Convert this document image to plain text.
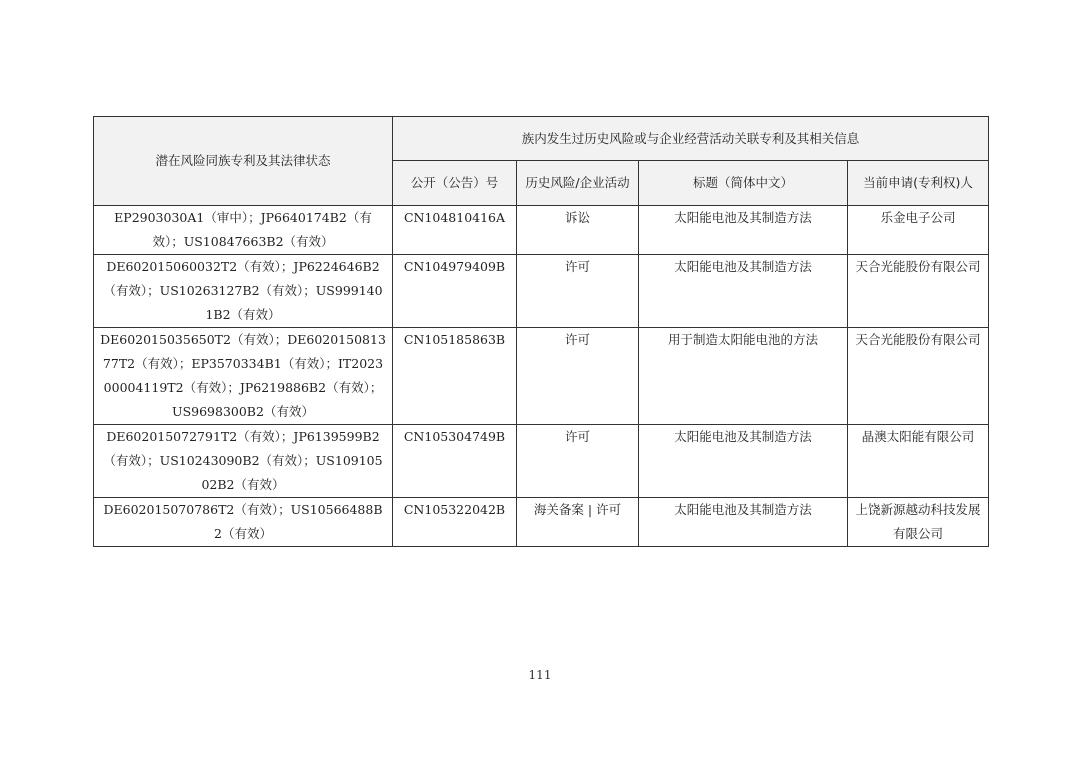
潜在风险同族专利及其法律状态	族内发生过历史风险或与企业经营活动关联专利及其相关信息			
	公开（公告）号	历史风险/企业活动	标题（简体中文）	当前申请(专利权)人
EP2903030A1（审中）；JP6640174B2（有效）；US10847663B2（有效）	CN104810416A	诉讼	太阳能电池及其制造方法	乐金电子公司
DE602015060032T2（有效）；JP6224646B2（有效）；US10263127B2（有效）；US9991401B2（有效）	CN104979409B	许可	太阳能电池及其制造方法	天合光能股份有限公司
DE602015035650T2（有效）；DE602015081377T2（有效）；EP3570334B1（有效）；IT202300004119T2（有效）；JP6219886B2（有效）；US9698300B2（有效）	CN105185863B	许可	用于制造太阳能电池的方法	天合光能股份有限公司
DE602015072791T2（有效）；JP6139599B2（有效）；US10243090B2（有效）；US10910502B2（有效）	CN105304749B	许可	太阳能电池及其制造方法	晶澳太阳能有限公司
DE602015070786T2（有效）；US10566488B2（有效）	CN105322042B	海关备案 | 许可	太阳能电池及其制造方法	上饶新源越动科技发展有限公司
111
